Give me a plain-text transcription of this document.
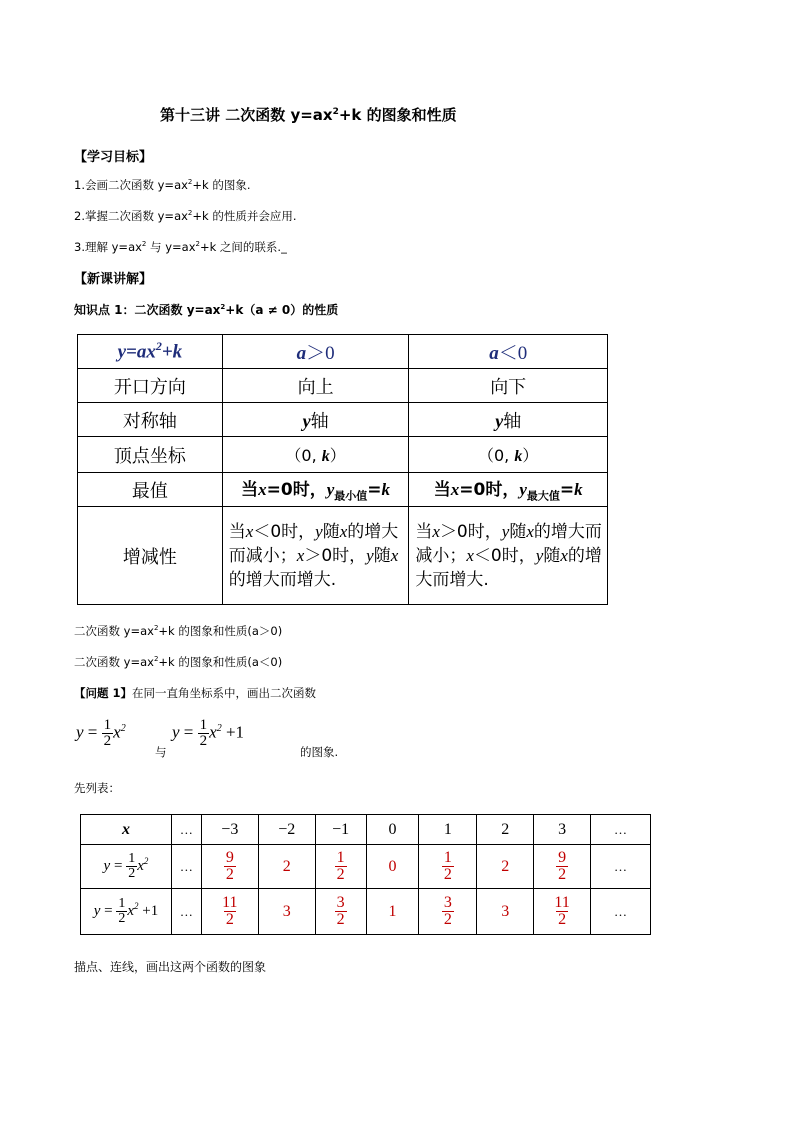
第十三讲 二次函数 $y=ax^2+k$ 的图象和性质
【学习目标】
1.会画二次函数 $y=ax^2+k$ 的图象.
2.掌握二次函数 $y=ax^2+k$ 的性质并会应用.
3.理解 $y=ax^2$ 与 $y=ax^2+k$ 之间的联系._
【新课讲解】
知识点 1：二次函数 $y=ax^2+k(a \ne 0)$的性质
$y=ax^2+k$	a＞0	a＜0
开口方向	向上	向下
对称轴	y轴	y轴
顶点坐标	（0, k）	（0, k）
最值	当x=0时，$y_{最小值}=k$	当x=0时，$y_{最大值}=k$
增减性	当x＜0时，y随x的增大而减小；x＞0时，y随x的增大而增大.	当x＞0时，y随x的增大而减小；x＜0时，y随x的增大而增大.
二次函数 $y=ax^2+k$ 的图象和性质(a＞0)
二次函数 $y=ax^2+k$ 的图象和性质(a＜0)
【问题 1】在同一直角坐标系中，画出二次函数
$y = \frac{1}{2} x^2$
与
$y = \frac{1}{2} x^2 +1$
的图象.
先列表：
x	…	−3	−2	−1	0	1	2	3	…
$y = \frac{1}{2} x^2$	…	$\frac{9}{2}$	2	$\frac{1}{2}$	0	$\frac{1}{2}$	2	$\frac{9}{2}$	…
$y = \frac{1}{2} x^2 +1$	…	$\frac{11}{2}$	3	$\frac{3}{2}$	1	$\frac{3}{2}$	3	$\frac{11}{2}$	…
描点、连线，画出这两个函数的图象
